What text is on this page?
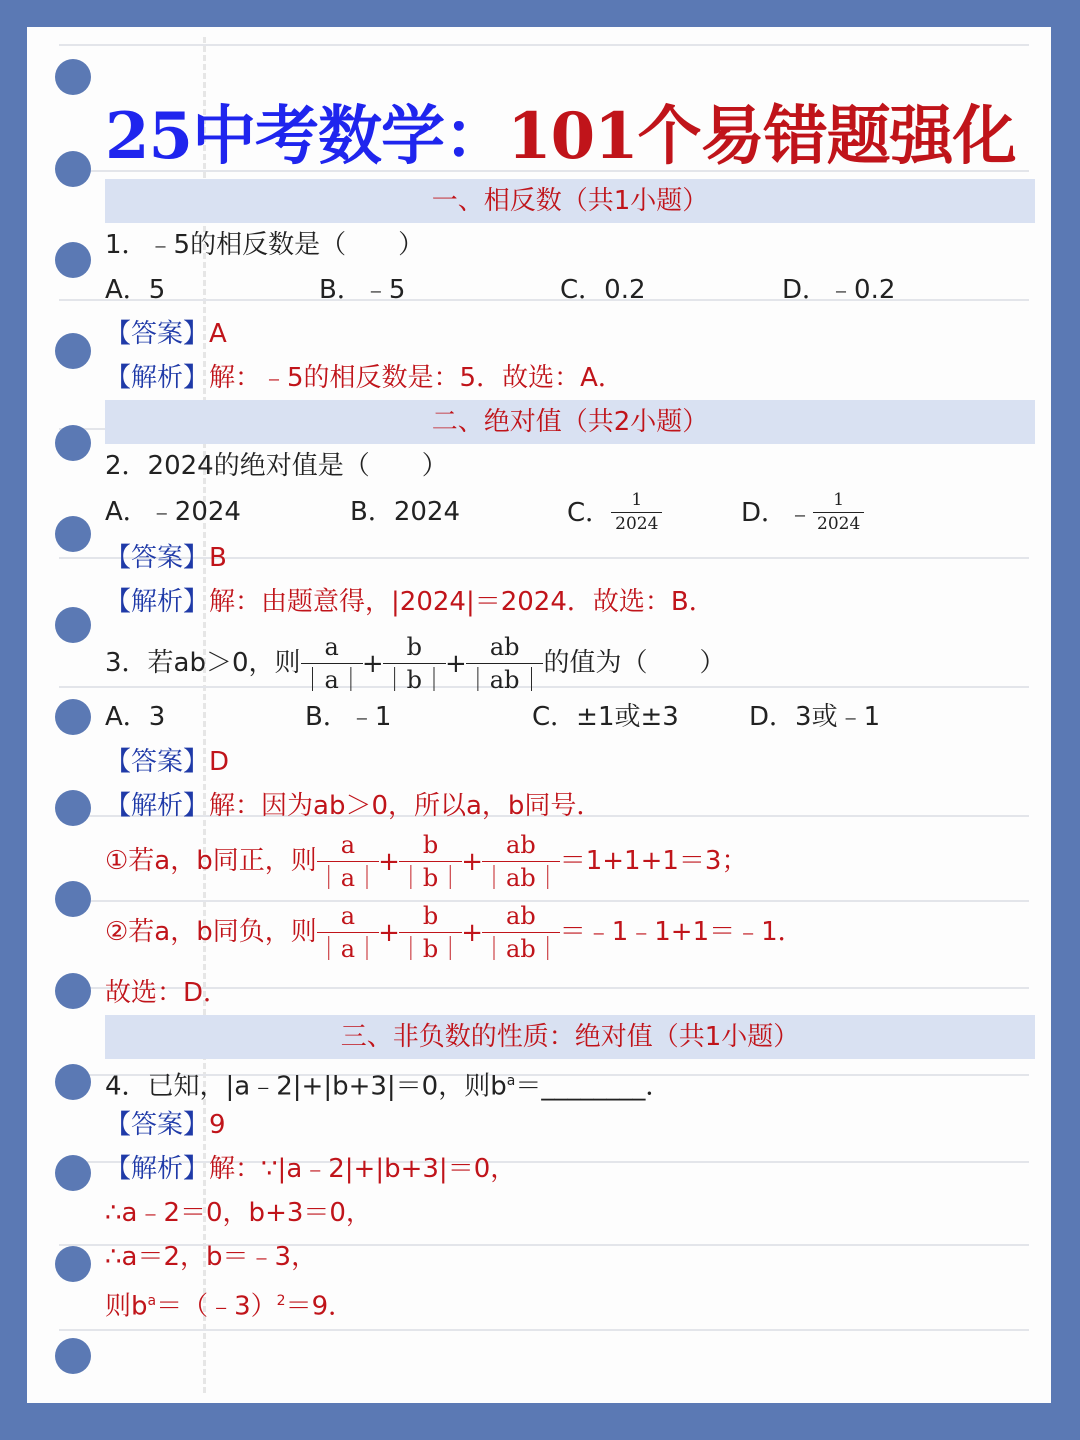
25中考数学：101个易错题强化
一、相反数（共1小题）
1．﹣5的相反数是（　　）
A．5	B．﹣5	C．0.2	D．﹣0.2
【答案】A
【解析】解：﹣5的相反数是：5．故选：A．
二、绝对值（共2小题）
2．2024的绝对值是（　　）
A．﹣2024	B．2024	C． $\frac{1}{2024}$	D．﹣ $\frac{1}{2024}$
【答案】B
【解析】解：由题意得，|2024|＝2024．故选：B．
3．若ab＞0，则 $\frac{a}{|a|} + \frac{b}{|b|} + \frac{ab}{|ab|}$ 的值为（　　）
A．3	B．﹣1	C．±1或±3	D．3或﹣1
【答案】D
【解析】解：因为ab＞0，所以a，b同号．
①若a，b同正，则 $\frac{a}{|a|} + \frac{b}{|b|} + \frac{ab}{|ab|} =1+1+1=3$；
②若a，b同负，则 $\frac{a}{|a|} + \frac{b}{|b|} + \frac{ab}{|ab|}$ ＝﹣1﹣1+1＝﹣1．
故选：D．
三、非负数的性质：绝对值（共1小题）
4．已知，|a﹣2|+|b+3|＝0，则$b^a=\_\_\_\_\_\_\_\_$．
【答案】9
【解析】解：∵|a﹣2|+|b+3|＝0，
∴a﹣2＝0，b+3＝0，
∴a＝2，b＝﹣3，
则$b^a=(﹣3)^2=9$．
